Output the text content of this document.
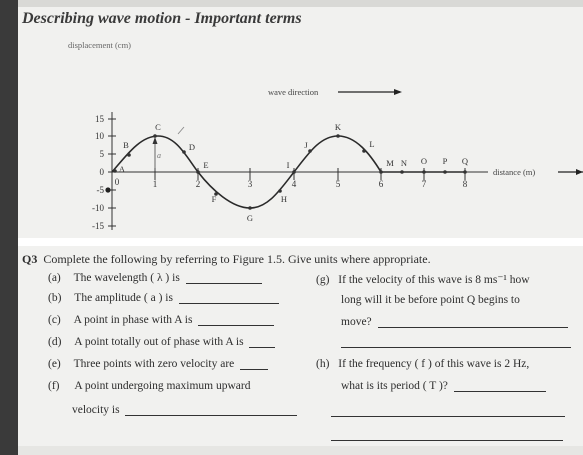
Describing wave motion - Important terms
displacement (cm)
wave direction
15
10
5
0
-5
-10
-15
0	1	2	3	4	5	6	7	8
distance (m)
a
A
B
C
D
E
F
G
H
I
J
K
L
M N O P Q
Q3 Complete the following by referring to Figure 1.5. Give units where appropriate.
(a) The wavelength ( λ ) is
(b) The amplitude ( a ) is
(c) A point in phase with A is
(d) A point totally out of phase with A is
(e) Three points with zero velocity are
(f) A point undergoing maximum upward
velocity is
(g) If the velocity of this wave is 8 ms⁻¹ how
long will it be before point Q begins to
move?
(h) If the frequency ( f ) of this wave is 2 Hz,
what is its period ( T )?
